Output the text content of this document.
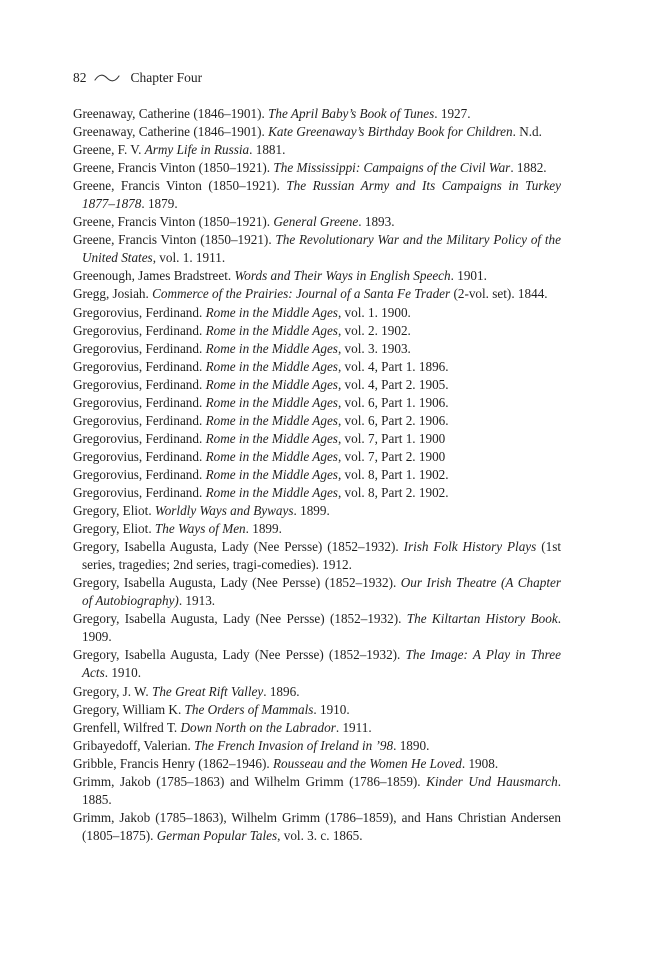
82	Chapter Four

Greenaway, Catherine (1846–1901). The April Baby’s Book of Tunes. 1927.

Greenaway, Catherine (1846–1901). Kate Greenaway’s Birthday Book for Children. N.d.

Greene, F. V. Army Life in Russia. 1881.

Greene, Francis Vinton (1850–1921). The Mississippi: Campaigns of the Civil War. 1882.

Greene, Francis Vinton (1850–1921). The Russian Army and Its Campaigns in Turkey 1877–1878. 1879.

Greene, Francis Vinton (1850–1921). General Greene. 1893.

Greene, Francis Vinton (1850–1921). The Revolutionary War and the Military Policy of the United States, vol. 1. 1911.

Greenough, James Bradstreet. Words and Their Ways in English Speech. 1901.

Gregg, Josiah. Commerce of the Prairies: Journal of a Santa Fe Trader (2-vol. set). 1844.

Gregorovius, Ferdinand. Rome in the Middle Ages, vol. 1. 1900.

Gregorovius, Ferdinand. Rome in the Middle Ages, vol. 2. 1902.

Gregorovius, Ferdinand. Rome in the Middle Ages, vol. 3. 1903.

Gregorovius, Ferdinand. Rome in the Middle Ages, vol. 4, Part 1. 1896.

Gregorovius, Ferdinand. Rome in the Middle Ages, vol. 4, Part 2. 1905.

Gregorovius, Ferdinand. Rome in the Middle Ages, vol. 6, Part 1. 1906.

Gregorovius, Ferdinand. Rome in the Middle Ages, vol. 6, Part 2. 1906.

Gregorovius, Ferdinand. Rome in the Middle Ages, vol. 7, Part 1. 1900

Gregorovius, Ferdinand. Rome in the Middle Ages, vol. 7, Part 2. 1900

Gregorovius, Ferdinand. Rome in the Middle Ages, vol. 8, Part 1. 1902.

Gregorovius, Ferdinand. Rome in the Middle Ages, vol. 8, Part 2. 1902.

Gregory, Eliot. Worldly Ways and Byways. 1899.

Gregory, Eliot. The Ways of Men. 1899.

Gregory, Isabella Augusta, Lady (Nee Persse) (1852–1932). Irish Folk History Plays (1st series, tragedies; 2nd series, tragi-comedies). 1912.

Gregory, Isabella Augusta, Lady (Nee Persse) (1852–1932). Our Irish Theatre (A Chapter of Autobiography). 1913.

Gregory, Isabella Augusta, Lady (Nee Persse) (1852–1932). The Kiltartan History Book. 1909.

Gregory, Isabella Augusta, Lady (Nee Persse) (1852–1932). The Image: A Play in Three Acts. 1910.

Gregory, J. W. The Great Rift Valley. 1896.

Gregory, William K. The Orders of Mammals. 1910.

Grenfell, Wilfred T. Down North on the Labrador. 1911.

Gribayedoff, Valerian. The French Invasion of Ireland in ’98. 1890.

Gribble, Francis Henry (1862–1946). Rousseau and the Women He Loved. 1908.

Grimm, Jakob (1785–1863) and Wilhelm Grimm (1786–1859). Kinder Und Hausmarch. 1885.

Grimm, Jakob (1785–1863), Wilhelm Grimm (1786–1859), and Hans Christian Andersen (1805–1875). German Popular Tales, vol. 3. c. 1865.
